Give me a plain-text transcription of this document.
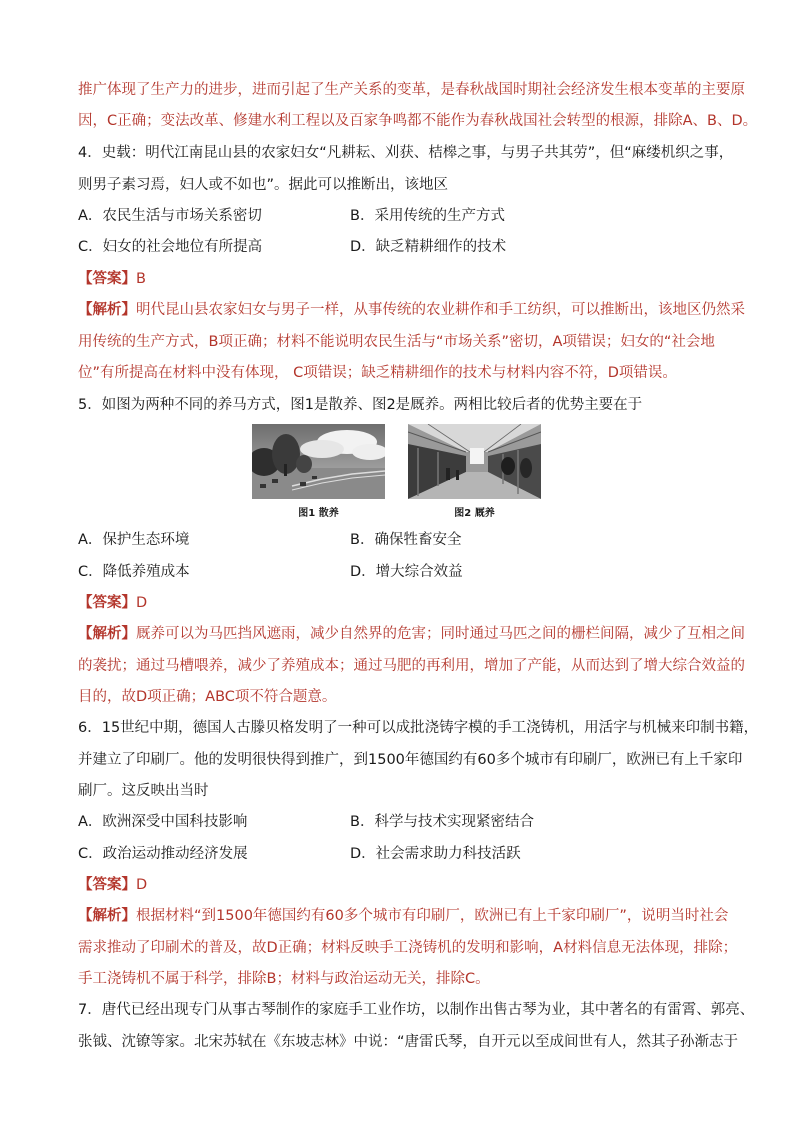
推广体现了生产力的进步，进而引起了生产关系的变革，是春秋战国时期社会经济发生根本变革的主要原
因，C正确；变法改革、修建水利工程以及百家争鸣都不能作为春秋战国社会转型的根源，排除A、B、D。
4．史载：明代江南昆山县的农家妇女“凡耕耘、刈获、桔槔之事，与男子共其劳”，但“麻缕机织之事，
则男子素习焉，妇人或不如也”。据此可以推断出，该地区
A．农民生活与市场关系密切	B．采用传统的生产方式
C．妇女的社会地位有所提高	D．缺乏精耕细作的技术
【答案】B
【解析】明代昆山县农家妇女与男子一样，从事传统的农业耕作和手工纺织，可以推断出，该地区仍然采
用传统的生产方式，B项正确；材料不能说明农民生活与“市场关系”密切，A项错误；妇女的“社会地
位”有所提高在材料中没有体现， C项错误；缺乏精耕细作的技术与材料内容不符，D项错误。
5．如图为两种不同的养马方式，图1是散养、图2是厩养。两相比较后者的优势主要在于
图1 散养	图2 厩养
A．保护生态环境	B．确保牲畜安全
C．降低养殖成本	D．增大综合效益
【答案】D
【解析】厩养可以为马匹挡风遮雨，减少自然界的危害；同时通过马匹之间的栅栏间隔，减少了互相之间
的袭扰；通过马槽喂养，减少了养殖成本；通过马肥的再利用，增加了产能，从而达到了增大综合效益的
目的，故D项正确；ABC项不符合题意。
6．15世纪中期，德国人古滕贝格发明了一种可以成批浇铸字模的手工浇铸机，用活字与机械来印制书籍，
并建立了印刷厂。他的发明很快得到推广，到1500年德国约有60多个城市有印刷厂，欧洲已有上千家印
刷厂。这反映出当时
A．欧洲深受中国科技影响	B．科学与技术实现紧密结合
C．政治运动推动经济发展	D．社会需求助力科技活跃
【答案】D
【解析】根据材料“到1500年德国约有60多个城市有印刷厂，欧洲已有上千家印刷厂”，说明当时社会
需求推动了印刷术的普及，故D正确；材料反映手工浇铸机的发明和影响，A材料信息无法体现，排除；
手工浇铸机不属于科学，排除B；材料与政治运动无关，排除C。
7．唐代已经出现专门从事古琴制作的家庭手工业作坊，以制作出售古琴为业，其中著名的有雷霄、郭亮、
张钺、沈镣等家。北宋苏轼在《东坡志林》中说：“唐雷氏琴，自开元以至成间世有人，然其子孙渐志于
